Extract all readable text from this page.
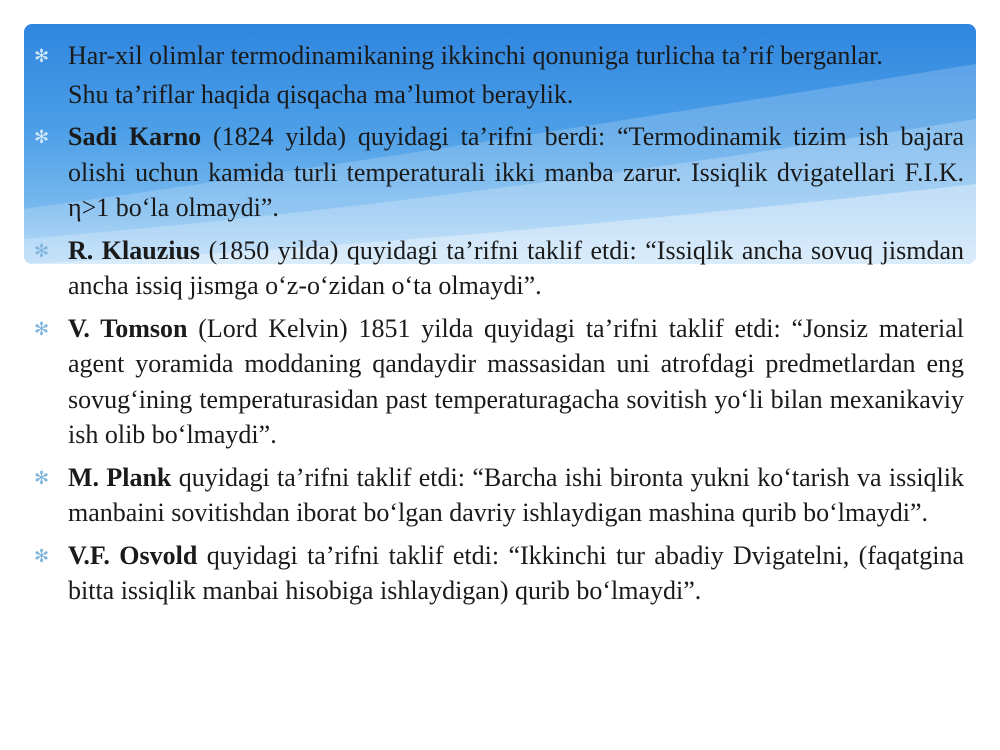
✻ Har-xil olimlar termodinamikaning ikkinchi qonuniga turlicha ta’rif berganlar.
Shu ta’riflar haqida qisqacha ma’lumot beraylik.
✻ Sadi Karno (1824 yilda) quyidagi ta’rifni berdi: “Termodinamik tizim ish bajara olishi uchun kamida turli temperaturali ikki manba zarur. Issiqlik dvigatellari F.I.K. η>1 bo‘la olmaydi”.
✻ R. Klauzius (1850 yilda) quyidagi ta’rifni taklif etdi: “Issiqlik ancha sovuq jismdan ancha issiq jismga o‘z-o‘zidan o‘ta olmaydi”.
✻ V. Tomson (Lord Kelvin) 1851 yilda quyidagi ta’rifni taklif etdi: “Jonsiz material agent yoramida moddaning qandaydir massasidan uni atrofdagi predmetlardan eng sovug‘ining temperaturasidan past temperaturagacha sovitish yo‘li bilan mexanikaviy ish olib bo‘lmaydi”.
✻ M. Plank quyidagi ta’rifni taklif etdi: “Barcha ishi bironta yukni ko‘tarish va issiqlik manbaini sovitishdan iborat bo‘lgan davriy ishlaydigan mashina qurib bo‘lmaydi”.
✻ V.F. Osvold quyidagi ta’rifni taklif etdi: “Ikkinchi tur abadiy Dvigatelni, (faqatgina bitta issiqlik manbai hisobiga ishlaydigan) qurib bo‘lmaydi”.
